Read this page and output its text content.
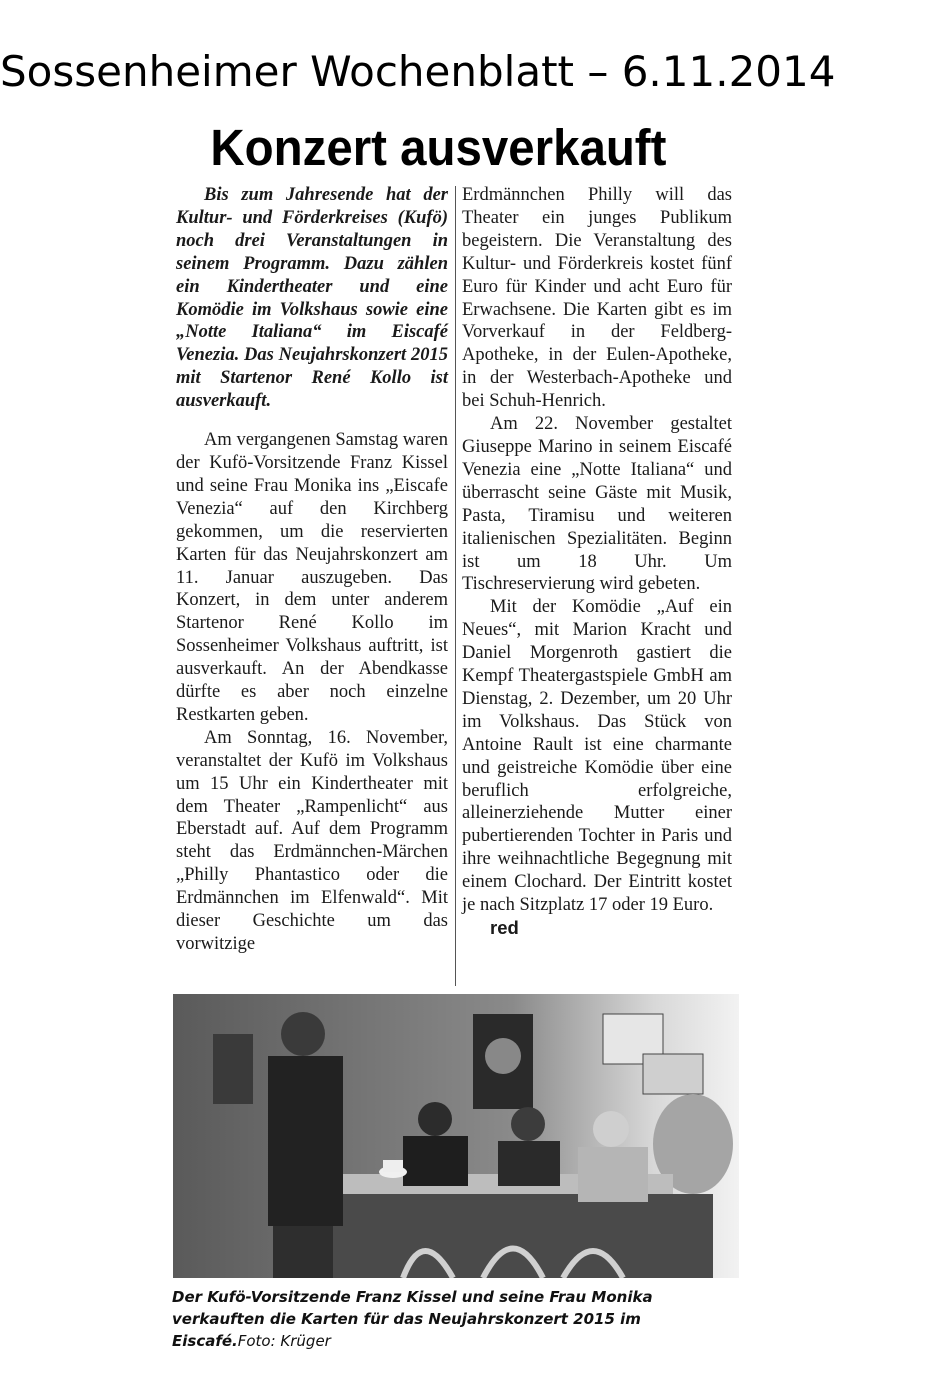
Sossenheimer Wochenblatt – 6.11.2014
Konzert ausverkauft

Bis zum Jahresende hat der Kultur- und Förderkreises (Kufö) noch drei Veranstaltungen in seinem Programm. Dazu zählen ein Kindertheater und eine Komödie im Volkshaus sowie eine „Notte Italiana“ im Eiscafé Venezia. Das Neujahrskonzert 2015 mit Startenor René Kollo ist ausverkauft.

Am vergangenen Samstag waren der Kufö-Vorsitzende Franz Kissel und seine Frau Monika ins „Eiscafe Venezia“ auf den Kirchberg gekommen, um die reservierten Karten für das Neujahrskonzert am 11. Januar auszugeben. Das Konzert, in dem unter anderem Startenor René Kollo im Sossenheimer Volkshaus auftritt, ist ausverkauft. An der Abendkasse dürfte es aber noch einzelne Restkarten geben.

Am Sonntag, 16. November, veranstaltet der Kufö im Volkshaus um 15 Uhr ein Kindertheater mit dem Theater „Rampenlicht“ aus Eberstadt auf. Auf dem Programm steht das Erdmännchen-Märchen „Philly Phantastico oder die Erdmännchen im Elfenwald“. Mit dieser Geschichte um das vorwitzige

Erdmännchen Philly will das Theater ein junges Publikum begeistern. Die Veranstaltung des Kultur- und Förderkreis kostet fünf Euro für Kinder und acht Euro für Erwachsene. Die Karten gibt es im Vorverkauf in der Feldberg-Apotheke, in der Eulen-Apotheke, in der Westerbach-Apotheke und bei Schuh-Henrich.

Am 22. November gestaltet Giuseppe Marino in seinem Eiscafé Venezia eine „Notte Italiana“ und überrascht seine Gäste mit Musik, Pasta, Tiramisu und weiteren italienischen Spezialitäten. Beginn ist um 18 Uhr. Um Tischreservierung wird gebeten.

Mit der Komödie „Auf ein Neues“, mit Marion Kracht und Daniel Morgenroth gastiert die Kempf Theatergastspiele GmbH am Dienstag, 2. Dezember, um 20 Uhr im Volkshaus. Das Stück von Antoine Rault ist eine charmante und geistreiche Komödie über eine beruflich erfolgreiche, alleinerziehende Mutter einer pubertierenden Tochter in Paris und ihre weihnachtliche Begegnung mit einem Clochard. Der Eintritt kostet je nach Sitzplatz 17 oder 19 Euro.

red

Der Kufö-Vorsitzende Franz Kissel und seine Frau Monika verkauften die Karten für das Neujahrskonzert 2015 im Eiscafé.Foto: Krüger
